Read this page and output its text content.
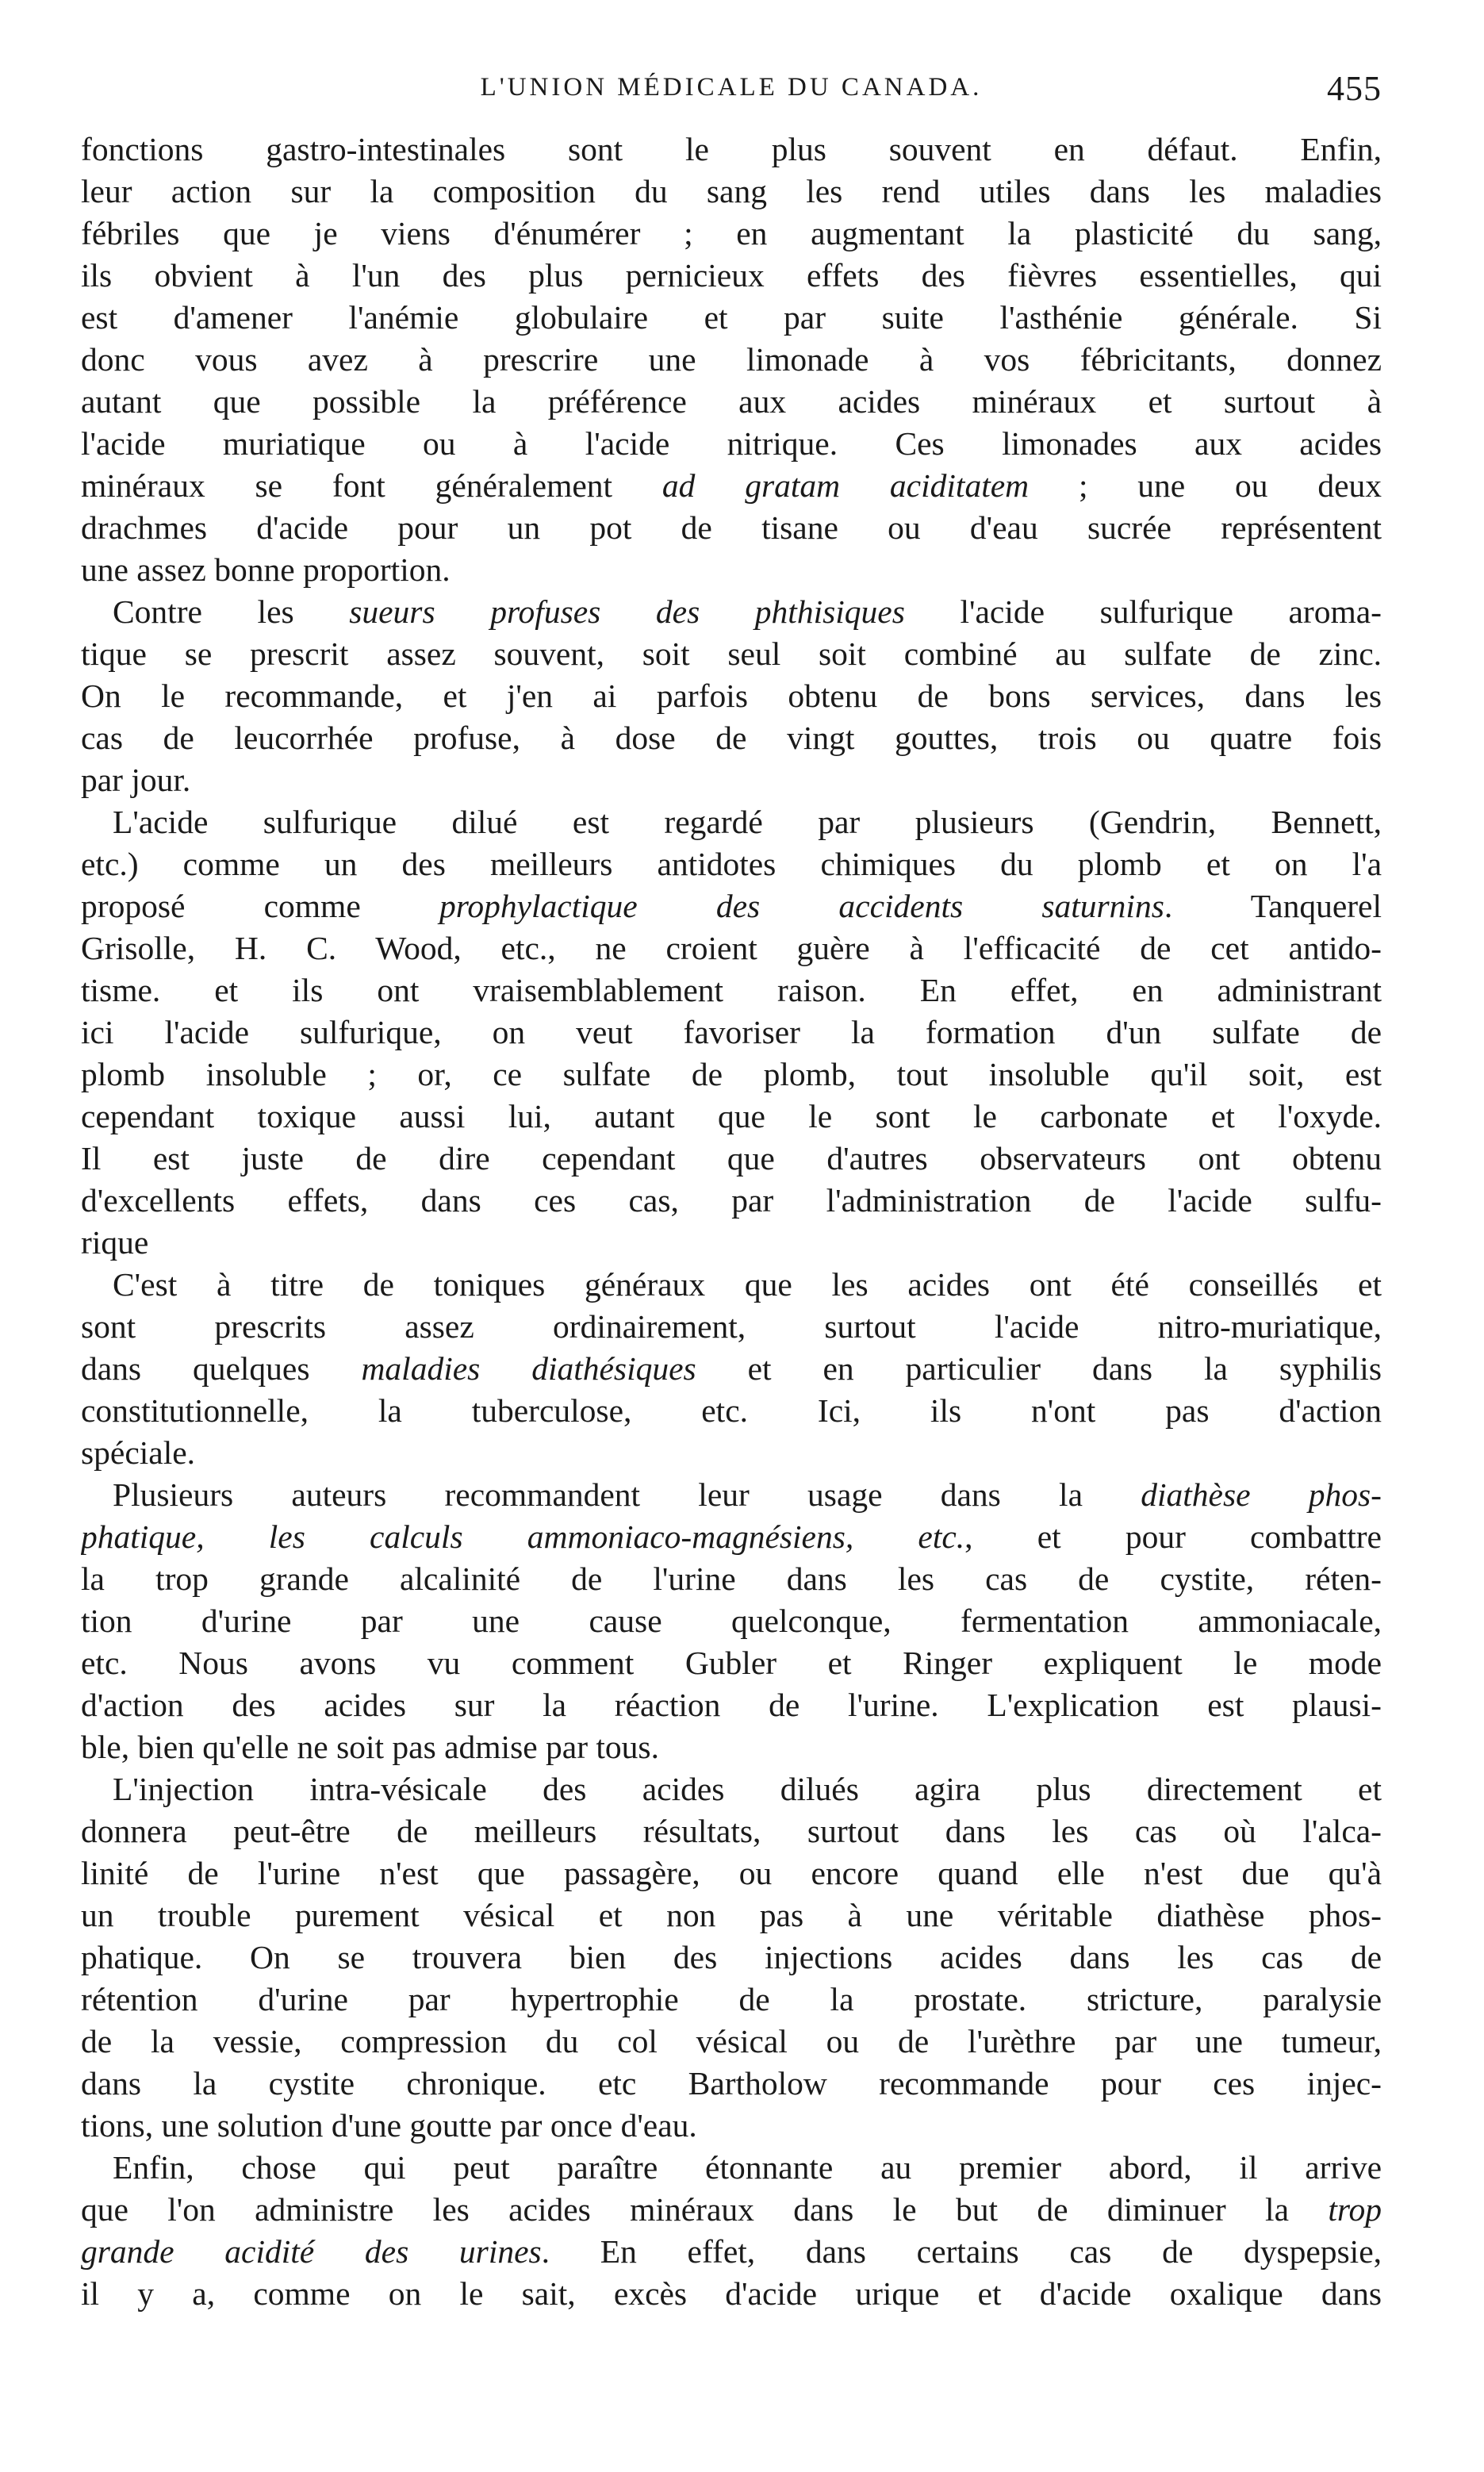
L'UNION MÉDICALE DU CANADA.	455
fonctions gastro-intestinales sont le plus souvent en défaut. Enfin,
leur action sur la composition du sang les rend utiles dans les maladies
fébriles que je viens d'énumérer ; en augmentant la plasticité du sang,
ils obvient à l'un des plus pernicieux effets des fièvres essentielles, qui
est d'amener l'anémie globulaire et par suite l'asthénie générale. Si
donc vous avez à prescrire une limonade à vos fébricitants, donnez
autant que possible la préférence aux acides minéraux et surtout à
l'acide muriatique ou à l'acide nitrique. Ces limonades aux acides
minéraux se font généralement ad gratam aciditatem ; une ou deux
drachmes d'acide pour un pot de tisane ou d'eau sucrée représentent
une assez bonne proportion.
Contre les sueurs profuses des phthisiques l'acide sulfurique aroma-
tique se prescrit assez souvent, soit seul soit combiné au sulfate de zinc.
On le recommande, et j'en ai parfois obtenu de bons services, dans les
cas de leucorrhée profuse, à dose de vingt gouttes, trois ou quatre fois
par jour.
L'acide sulfurique dilué est regardé par plusieurs (Gendrin, Bennett,
etc.) comme un des meilleurs antidotes chimiques du plomb et on l'a
proposé comme prophylactique des accidents saturnins. Tanquerel
Grisolle, H. C. Wood, etc., ne croient guère à l'efficacité de cet antido-
tisme. et ils ont vraisemblablement raison. En effet, en administrant
ici l'acide sulfurique, on veut favoriser la formation d'un sulfate de
plomb insoluble ; or, ce sulfate de plomb, tout insoluble qu'il soit, est
cependant toxique aussi lui, autant que le sont le carbonate et l'oxyde.
Il est juste de dire cependant que d'autres observateurs ont obtenu
d'excellents effets, dans ces cas, par l'administration de l'acide sulfu-
rique
C'est à titre de toniques généraux que les acides ont été conseillés et
sont prescrits assez ordinairement, surtout l'acide nitro-muriatique,
dans quelques maladies diathésiques et en particulier dans la syphilis
constitutionnelle, la tuberculose, etc. Ici, ils n'ont pas d'action
spéciale.
Plusieurs auteurs recommandent leur usage dans la diathèse phos-
phatique, les calculs ammoniaco-magnésiens, etc., et pour combattre
la trop grande alcalinité de l'urine dans les cas de cystite, réten-
tion d'urine par une cause quelconque, fermentation ammoniacale,
etc. Nous avons vu comment Gubler et Ringer expliquent le mode
d'action des acides sur la réaction de l'urine. L'explication est plausi-
ble, bien qu'elle ne soit pas admise par tous.
L'injection intra-vésicale des acides dilués agira plus directement et
donnera peut-être de meilleurs résultats, surtout dans les cas où l'alca-
linité de l'urine n'est que passagère, ou encore quand elle n'est due qu'à
un trouble purement vésical et non pas à une véritable diathèse phos-
phatique. On se trouvera bien des injections acides dans les cas de
rétention d'urine par hypertrophie de la prostate. stricture, paralysie
de la vessie, compression du col vésical ou de l'urèthre par une tumeur,
dans la cystite chronique. etc Bartholow recommande pour ces injec-
tions, une solution d'une goutte par once d'eau.
Enfin, chose qui peut paraître étonnante au premier abord, il arrive
que l'on administre les acides minéraux dans le but de diminuer la trop
grande acidité des urines. En effet, dans certains cas de dyspepsie,
il y a, comme on le sait, excès d'acide urique et d'acide oxalique dans
